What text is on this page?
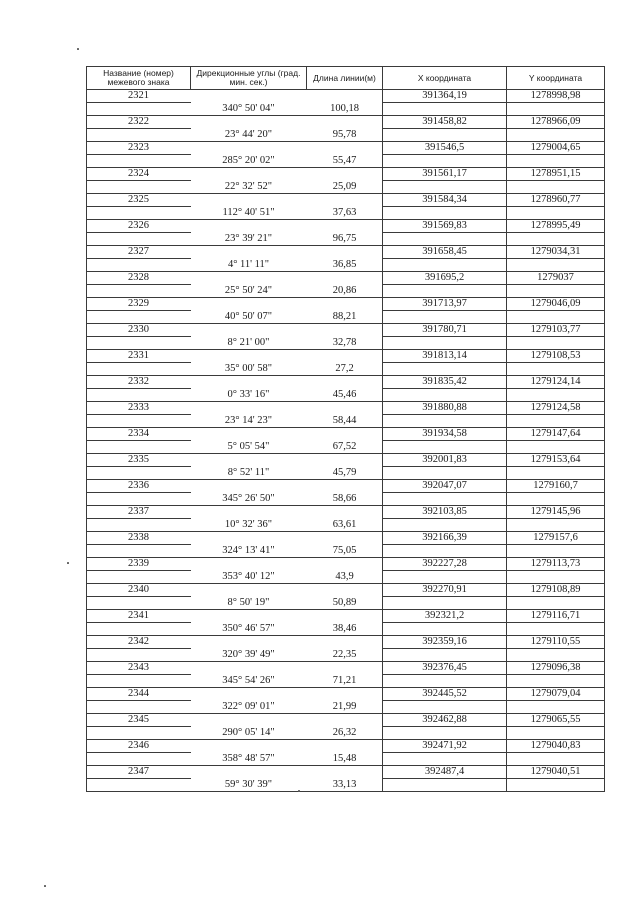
Название (номер) межевого знака	Дирекционные углы (град. мин. сек.)	Длина линии(м)	X координата	Y координата
2321			391364,19	1278998,98
	340° 50' 04"	100,18		
2322			391458,82	1278966,09
	23° 44' 20"	95,78		
2323			391546,5	1279004,65
	285° 20' 02"	55,47		
2324			391561,17	1278951,15
	22° 32' 52"	25,09		
2325			391584,34	1278960,77
	112° 40' 51"	37,63		
2326			391569,83	1278995,49
	23° 39' 21"	96,75		
2327			391658,45	1279034,31
	4° 11' 11"	36,85		
2328			391695,2	1279037
	25° 50' 24"	20,86		
2329			391713,97	1279046,09
	40° 50' 07"	88,21		
2330			391780,71	1279103,77
	8° 21' 00"	32,78		
2331			391813,14	1279108,53
	35° 00' 58"	27,2		
2332			391835,42	1279124,14
	0° 33' 16"	45,46		
2333			391880,88	1279124,58
	23° 14' 23"	58,44		
2334			391934,58	1279147,64
	5° 05' 54"	67,52		
2335			392001,83	1279153,64
	8° 52' 11"	45,79		
2336			392047,07	1279160,7
	345° 26' 50"	58,66		
2337			392103,85	1279145,96
	10° 32' 36"	63,61		
2338			392166,39	1279157,6
	324° 13' 41"	75,05		
2339			392227,28	1279113,73
	353° 40' 12"	43,9		
2340			392270,91	1279108,89
	8° 50' 19"	50,89		
2341			392321,2	1279116,71
	350° 46' 57"	38,46		
2342			392359,16	1279110,55
	320° 39' 49"	22,35		
2343			392376,45	1279096,38
	345° 54' 26"	71,21		
2344			392445,52	1279079,04
	322° 09' 01"	21,99		
2345			392462,88	1279065,55
	290° 05' 14"	26,32		
2346			392471,92	1279040,83
	358° 48' 57"	15,48		
2347			392487,4	1279040,51
	59° 30' 39"	33,13		
